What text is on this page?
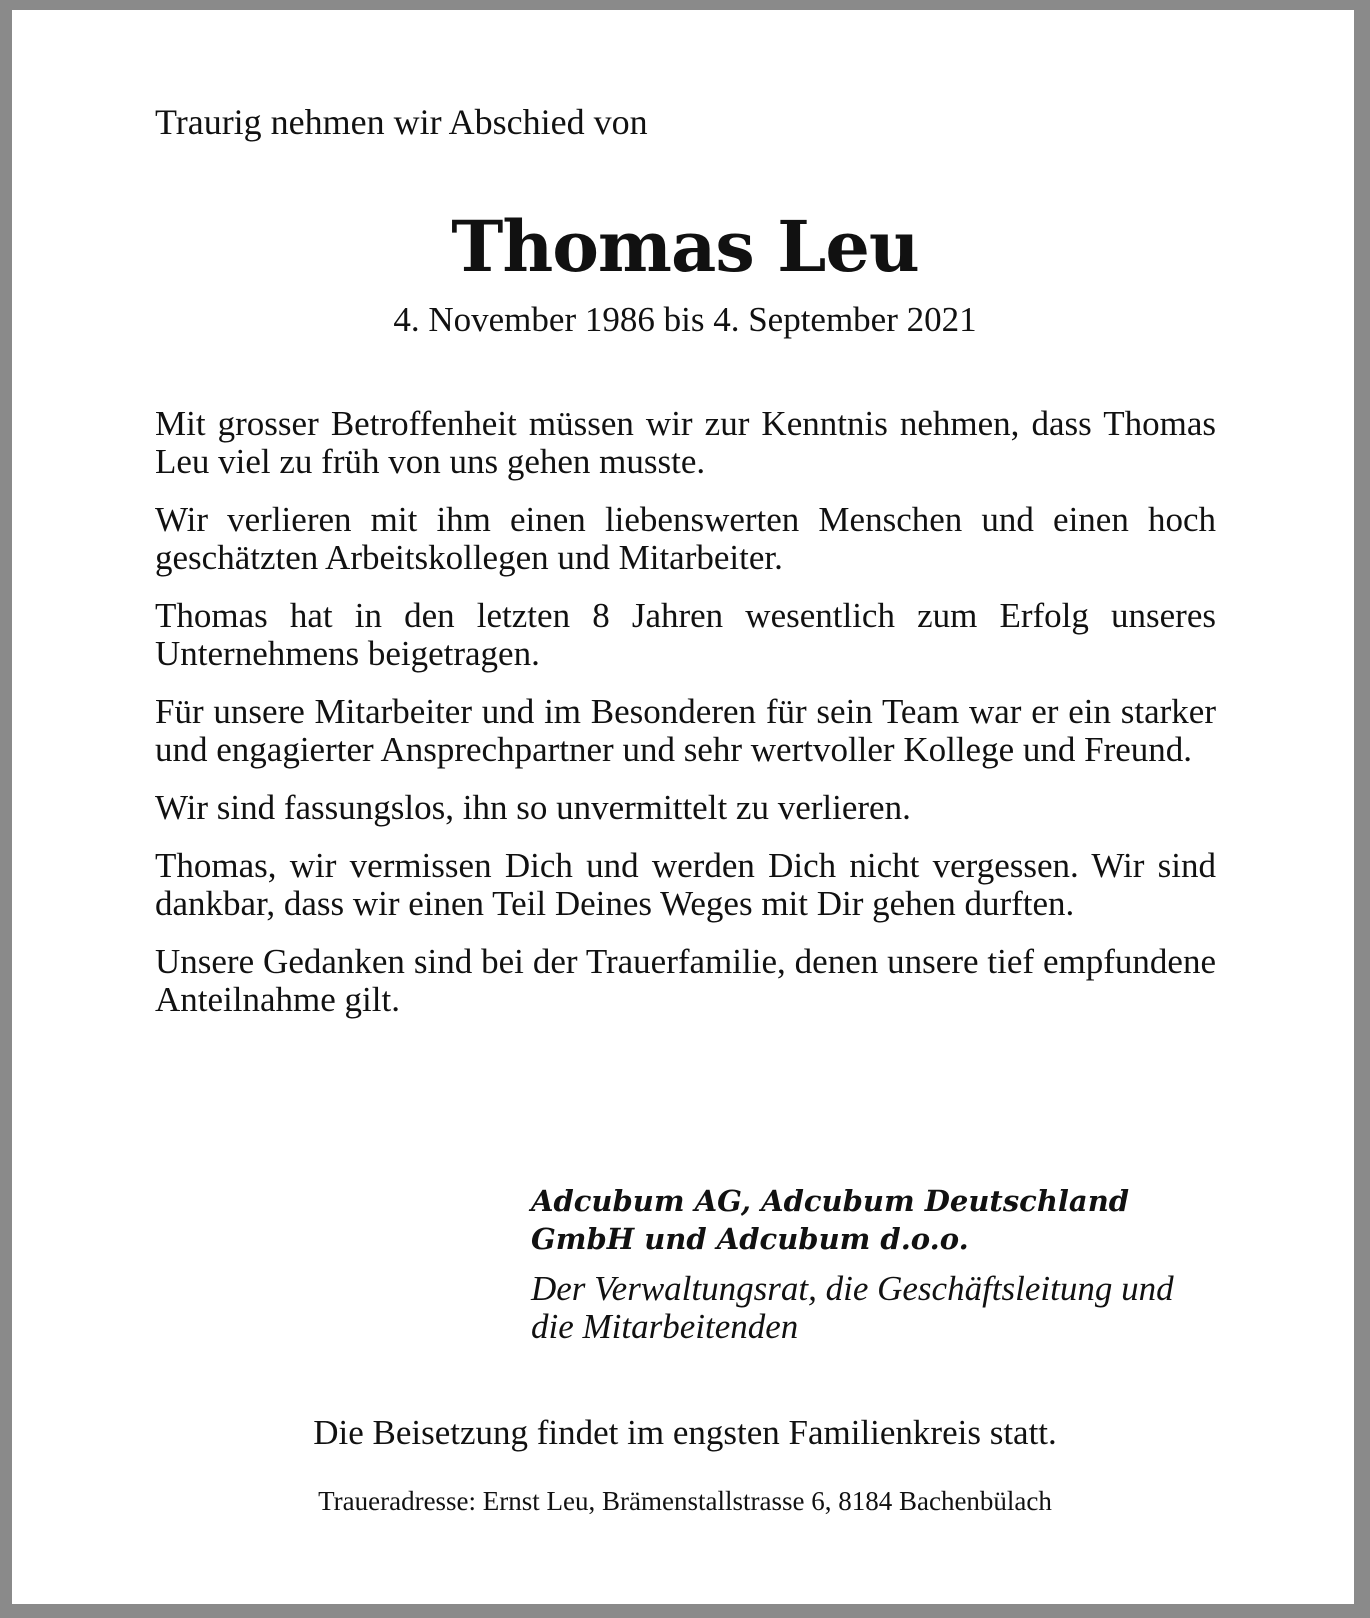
Traurig nehmen wir Abschied von
Thomas Leu
4. November 1986 bis 4. September 2021

Mit grosser Betroffenheit müssen wir zur Kenntnis nehmen, dass Thomas Leu viel zu früh von uns gehen musste.

Wir verlieren mit ihm einen liebenswerten Menschen und einen hoch geschätzten Arbeitskollegen und Mitarbeiter.

Thomas hat in den letzten 8 Jahren wesentlich zum Erfolg unseres Unternehmens beigetragen.

Für unsere Mitarbeiter und im Besonderen für sein Team war er ein starker und engagierter Ansprechpartner und sehr wertvoller Kollege und Freund.

Wir sind fassungslos, ihn so unvermittelt zu verlieren.

Thomas, wir vermissen Dich und werden Dich nicht vergessen. Wir sind dankbar, dass wir einen Teil Deines Weges mit Dir gehen durften.

Unsere Gedanken sind bei der Trauerfamilie, denen unsere tief empfundene Anteilnahme gilt.

Adcubum AG, Adcubum Deutschland GmbH und Adcubum d.o.o.

Der Verwaltungsrat, die Geschäftsleitung und die Mitarbeitenden

Die Beisetzung findet im engsten Familienkreis statt.
Traueradresse: Ernst Leu, Brämenstallstrasse 6, 8184 Bachenbülach
